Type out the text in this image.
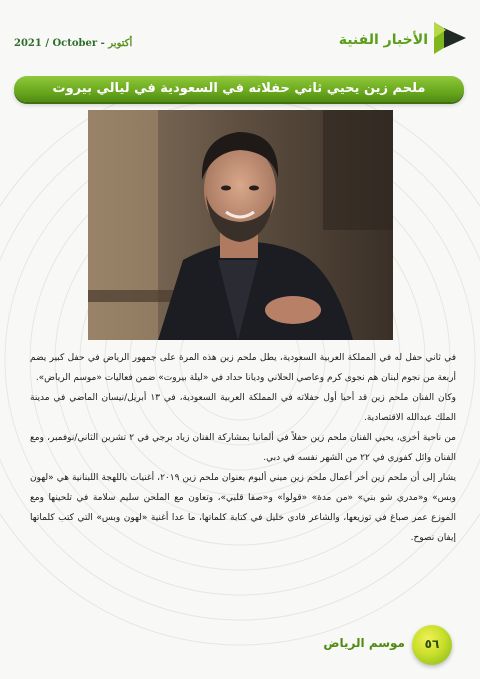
أكتوبر 2021 / October -	الأخبار الفنية
ملحم زين يحيي ثاني حفلاته في السعودية في ليالي بيروت

في ثاني حفل له في المملكة العربية السعودية، يطل ملحم زين هذه المرة على جمهور الرياض في حفل كبير يضم أربعة من نجوم لبنان هم نجوى كرم وعاصي الحلاني وديانا حداد في «ليلة بيروت» ضمن فعاليات «موسم الرياض».

وكان الفنان ملحم زين قد أحيا أول حفلاته في المملكة العربية السعودية، في ١٣ أبريل/نيسان الماضي في مدينة الملك عبدالله الاقتصادية.

من ناحية أخرى، يحيي الفنان ملحم زين حفلاً في ألمانيا بمشاركة الفنان زياد برجي في ٢ تشرين الثاني/نوفمبر، ومع الفنان وائل كفوري في ٢٢ من الشهر نفسه في دبي.

يشار إلى أن ملحم زين أخر أعمال ملحم زين ميني ألبوم بعنوان ملحم زين ٢٠١٩، أغنيات باللهجة اللبنانية هي «لهون وبس» و«مدري شو بني» «من مدة» «قولوا» و«صفا قلبي»، وتعاون مع الملحن سليم سلامة في تلحينها ومع الموزع عمر صباغ في توزيعها، والشاعر فادي خليل في كتابة كلماتها، ما عدا أغنية «لهون وبس» التي كتب كلماتها إيفان نصوح.

موسم الرياض	٥٦
